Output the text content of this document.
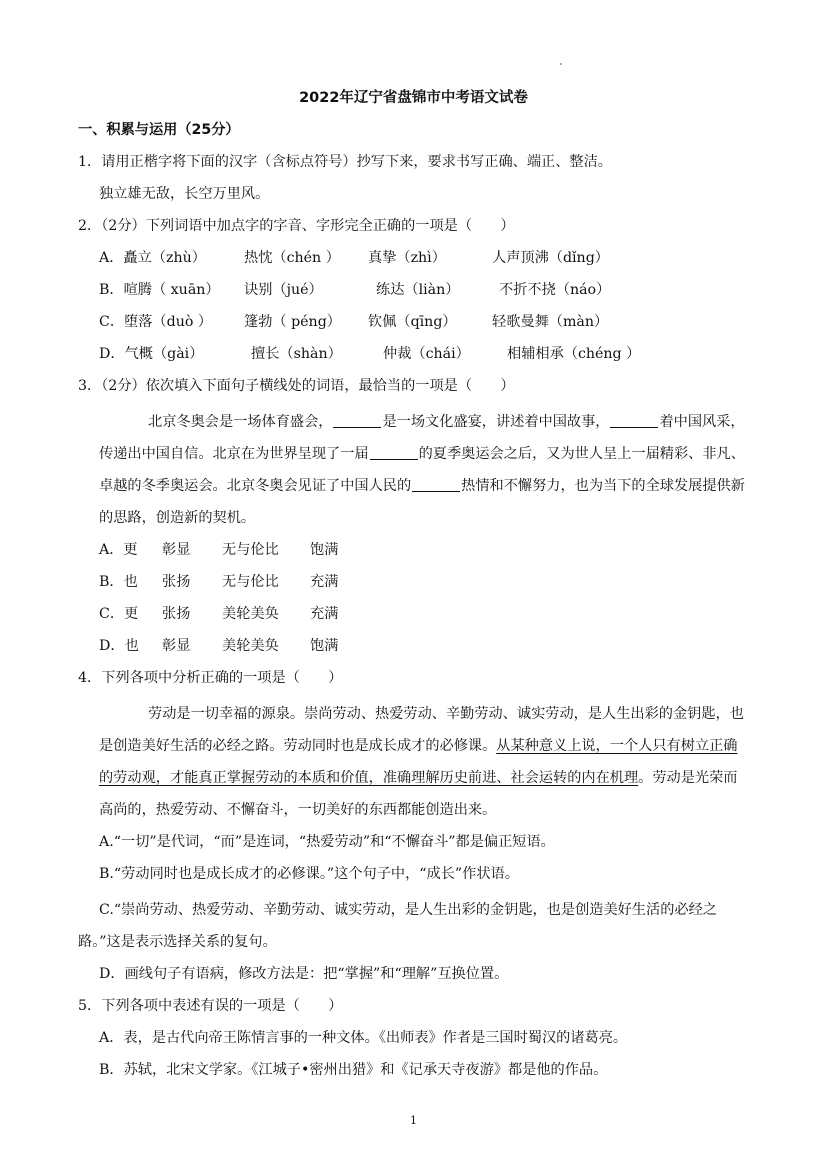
2022年辽宁省盘锦市中考语文试卷
一、积累与运用（25分）
1．请用正楷字将下面的汉字（含标点符号）抄写下来，要求书写正确、端正、整洁。
独立雄无敌，长空万里风。
2．（2分）下列词语中加点字的字音、字形完全正确的一项是（　　）
A．矗立（zhù）	热忱（chén ） 真挚（zhì）	人声顶沸（dǐng）
B．喧腾（ xuān） 诀别（jué）	练达（liàn）	不折不挠（náo）
C．堕落（duò ） 篷勃（ péng） 钦佩（qīng） 轻歌曼舞（màn）
D．气概（gài）	擅长（shàn）	仲裁（chái）	相辅相承（chéng ）
3．（2分）依次填入下面句子横线处的词语，最恰当的一项是（　　）
北京冬奥会是一场体育盛会，	是一场文化盛宴，讲述着中国故事，	着中国风采，
传递出中国自信。北京在为世界呈现了一届	的夏季奥运会之后，又为世人呈上一届精彩、非凡、
卓越的冬季奥运会。北京冬奥会见证了中国人民的	热情和不懈努力，也为当下的全球发展提供新
的思路，创造新的契机。
A．更 彰显 无与伦比 饱满
B．也 张扬 无与伦比 充满
C．更 张扬 美轮美奂 充满
D．也 彰显 美轮美奂 饱满
4．下列各项中分析正确的一项是（　　）
劳动是一切幸福的源泉。崇尚劳动、热爱劳动、辛勤劳动、诚实劳动，是人生出彩的金钥匙，也
是创造美好生活的必经之路。劳动同时也是成长成才的必修课。从某种意义上说，一个人只有树立正确
的劳动观，才能真正掌握劳动的本质和价值，准确理解历史前进、社会运转的内在机理。劳动是光荣而
高尚的，热爱劳动、不懈奋斗，一切美好的东西都能创造出来。
A.“一切”是代词，“而”是连词，“热爱劳动”和“不懈奋斗”都是偏正短语。
B.“劳动同时也是成长成才的必修课。”这个句子中，“成长”作状语。
C.“崇尚劳动、热爱劳动、辛勤劳动、诚实劳动，是人生出彩的金钥匙，也是创造美好生活的必经之
路。”这是表示选择关系的复句。
D．画线句子有语病，修改方法是：把“掌握”和“理解”互换位置。
5．下列各项中表述有误的一项是（　　）
A．表，是古代向帝王陈情言事的一种文体。《出师表》作者是三国时蜀汉的诸葛亮。
B．苏轼，北宋文学家。《江城子•密州出猎》和《记承天寺夜游》都是他的作品。
1
